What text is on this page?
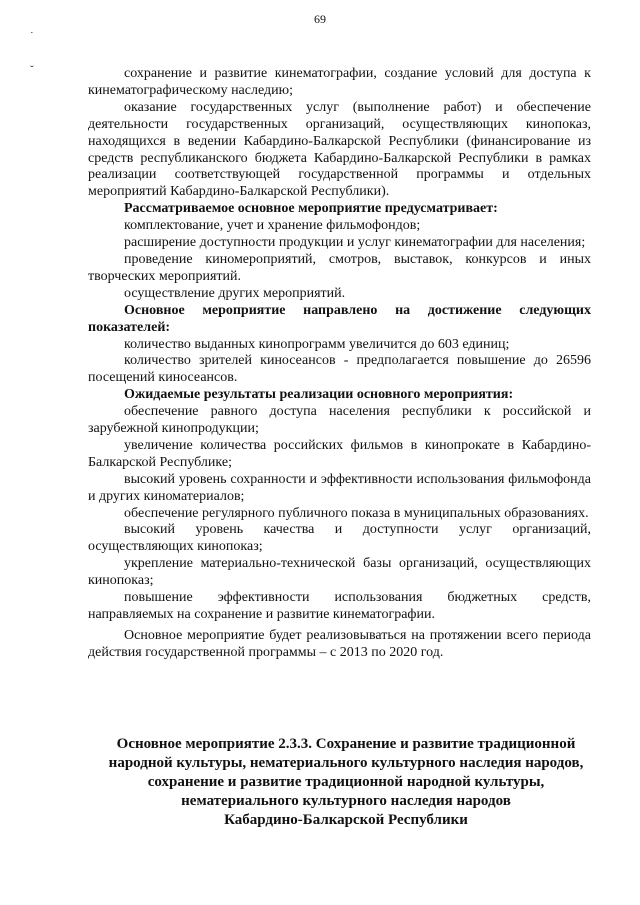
69
˙
ˇ	сохранение и развитие кинематографии, создание условий для доступа к кинематографическому наследию;

оказание государственных услуг (выполнение работ) и обеспечение деятельности государственных организаций, осуществляющих кинопоказ, находящихся в ведении Кабардино-Балкарской Республики (финансирование из средств республиканского бюджета Кабардино-Балкарской Республики в рамках реализации соответствующей государственной программы и отдельных мероприятий Кабардино-Балкарской Республики).

Рассматриваемое основное мероприятие предусматривает:

комплектование, учет и хранение фильмофондов;

расширение доступности продукции и услуг кинематографии для населения;

проведение киномероприятий, смотров, выставок, конкурсов и иных творческих мероприятий.

осуществление других мероприятий.

Основное мероприятие направлено на достижение следующих показателей:

количество выданных кинопрограмм увеличится до 603 единиц;

количество зрителей киносеансов - предполагается повышение до 26596 посещений киносеансов.

Ожидаемые результаты реализации основного мероприятия:

обеспечение равного доступа населения республики к российской и зарубежной кинопродукции;

увеличение количества российских фильмов в кинопрокате в Кабардино-Балкарской Республике;

высокий уровень сохранности и эффективности использования фильмофонда и других киноматериалов;

обеспечение регулярного публичного показа в муниципальных образованиях.

высокий уровень качества и доступности услуг организаций, осуществляющих кинопоказ;

укрепление материально-технической базы организаций, осуществляющих кинопоказ;

повышение эффективности использования бюджетных средств, направляемых на сохранение и развитие кинематографии.

Основное мероприятие будет реализовываться на протяжении всего периода действия государственной программы – с 2013 по 2020 год.

Основное мероприятие 2.3.3. Сохранение и развитие традиционной
народной культуры, нематериального культурного наследия народов,
сохранение и развитие традиционной народной культуры,
нематериального культурного наследия народов
Кабардино-Балкарской Республики
